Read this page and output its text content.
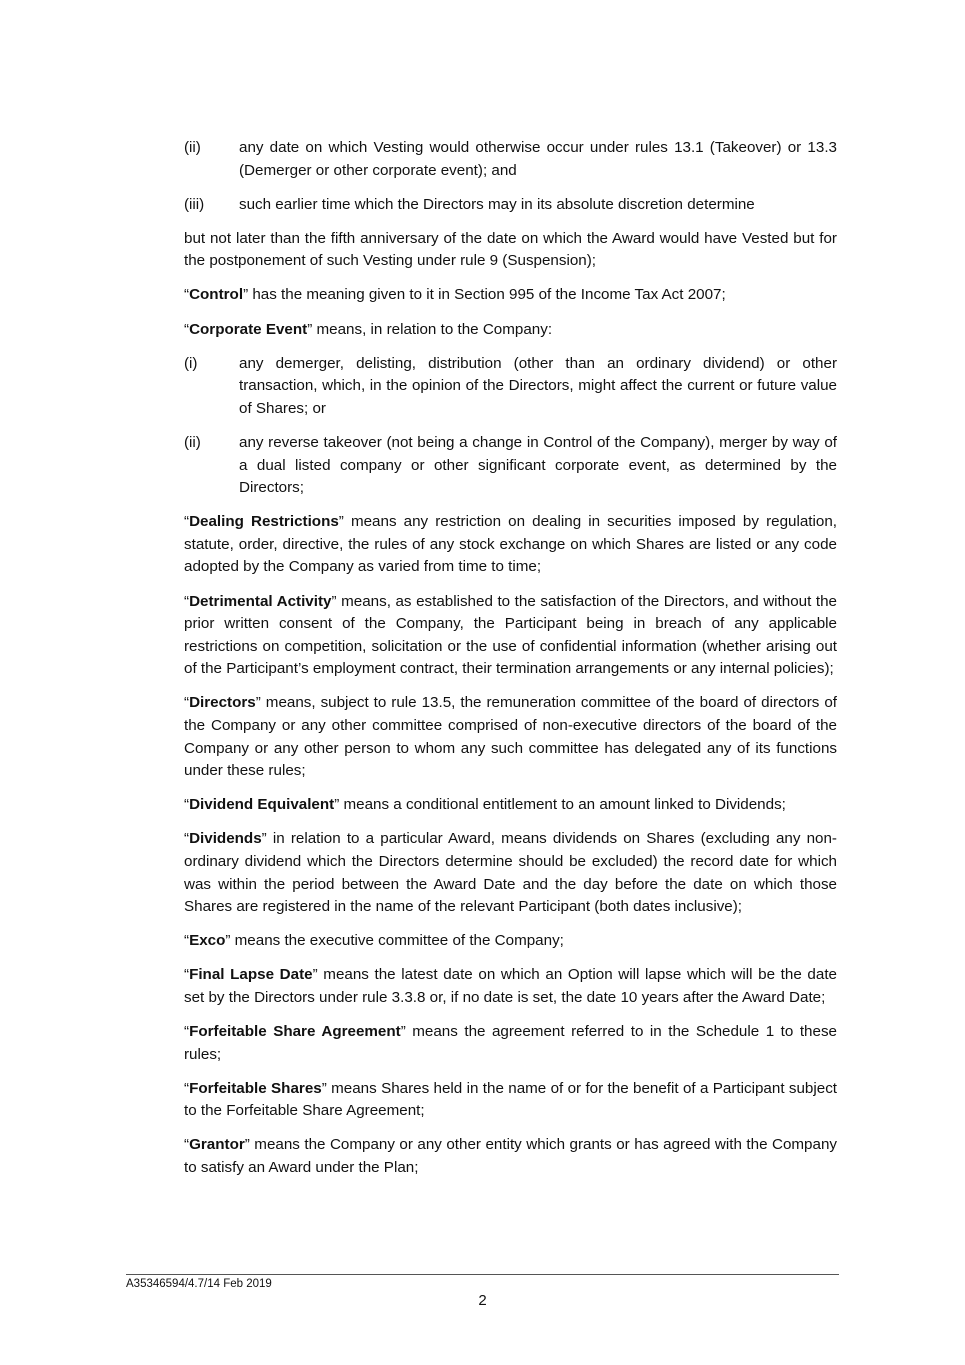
(ii)	any date on which Vesting would otherwise occur under rules 13.1 (Takeover) or 13.3 (Demerger or other corporate event); and
(iii)	such earlier time which the Directors may in its absolute discretion determine

but not later than the fifth anniversary of the date on which the Award would have Vested but for the postponement of such Vesting under rule 9 (Suspension);

“Control” has the meaning given to it in Section 995 of the Income Tax Act 2007;

“Corporate Event” means, in relation to the Company:

(i)	any demerger, delisting, distribution (other than an ordinary dividend) or other transaction, which, in the opinion of the Directors, might affect the current or future value of Shares; or
(ii)	any reverse takeover (not being a change in Control of the Company), merger by way of a dual listed company or other significant corporate event, as determined by the Directors;

“Dealing Restrictions” means any restriction on dealing in securities imposed by regulation, statute, order, directive, the rules of any stock exchange on which Shares are listed or any code adopted by the Company as varied from time to time;

“Detrimental Activity” means, as established to the satisfaction of the Directors, and without the prior written consent of the Company, the Participant being in breach of any applicable restrictions on competition, solicitation or the use of confidential information (whether arising out of the Participant’s employment contract, their termination arrangements or any internal policies);

“Directors” means, subject to rule 13.5, the remuneration committee of the board of directors of the Company or any other committee comprised of non-executive directors of the board of the Company or any other person to whom any such committee has delegated any of its functions under these rules;

“Dividend Equivalent” means a conditional entitlement to an amount linked to Dividends;

“Dividends” in relation to a particular Award, means dividends on Shares (excluding any non-ordinary dividend which the Directors determine should be excluded) the record date for which was within the period between the Award Date and the day before the date on which those Shares are registered in the name of the relevant Participant (both dates inclusive);

“Exco” means the executive committee of the Company;

“Final Lapse Date” means the latest date on which an Option will lapse which will be the date set by the Directors under rule 3.3.8 or, if no date is set, the date 10 years after the Award Date;

“Forfeitable Share Agreement” means the agreement referred to in the Schedule 1 to these rules;

“Forfeitable Shares” means Shares held in the name of or for the benefit of a Participant subject to the Forfeitable Share Agreement;

“Grantor” means the Company or any other entity which grants or has agreed with the Company to satisfy an Award under the Plan;

A35346594/4.7/14 Feb 2019
2
